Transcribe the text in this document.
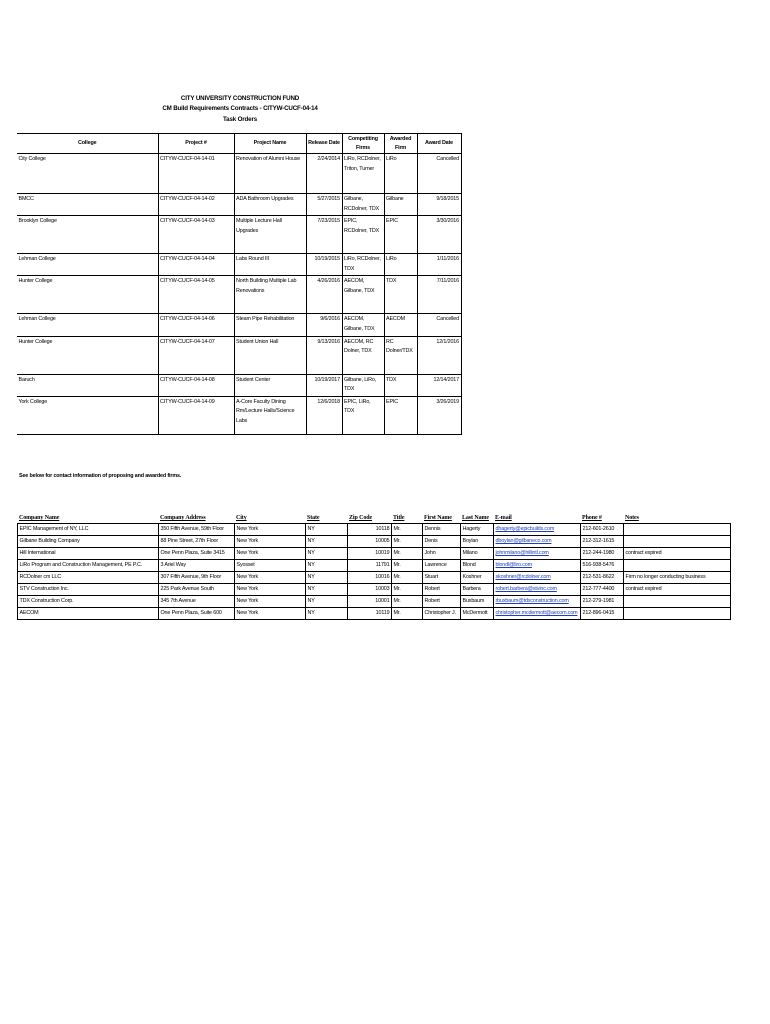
CITY UNIVERSITY CONSTRUCTION FUND
CM Build Requirements Contracts - CITYW-CUCF-04-14
Task Orders
College	Project #	Project Name	Release Date	Competiting Firms	Awarded Firm	Award Date
City College	CITYW-CUCF-04-14-01	Renovation of Alumni House	2/24/2014	LiRo, RCDolner, Triton, Turner	LiRo	Cancelled
BMCC	CITYW-CUCF-04-14-02	ADA Bathroom Upgrades	5/27/2015	Gilbane, RCDolner, TDX	Gilbane	9/18/2015
Brooklyn College	CITYW-CUCF-04-14-03	Multiple Lecture Hall Upgrades	7/23/2015	EPIC, RCDolner, TDX	EPIC	3/30/2016
Lehman College	CITYW-CUCF-04-14-04	Labs Round III	10/19/2015	LiRo, RCDolner, TDX	LiRo	1/11/2016
Hunter College	CITYW-CUCF-04-14-05	North Building Multiple Lab Renovations	4/26/2016	AECOM, Gilbane, TDX	TDX	7/11/2016
Lehman College	CITYW-CUCF-04-14-06	Steam Pipe Rehabilitation	9/6/2016	AECOM, Gilbane, TDX	AECOM	Cancelled
Hunter College	CITYW-CUCF-04-14-07	Student Union Hall	9/13/2016	AECOM, RC Dolner, TDX	RC Dolner/TDX	12/1/2016
Baruch	CITYW-CUCF-04-14-08	Student Center	10/19/2017	Gilbane, LiRo, TDX	TDX	12/14/2017
York College	CITYW-CUCF-04-14-09	A-Core Faculty Dining Rm/Lecture Halls/Science Labs	12/6/2018	EPIC, LiRo, TDX	EPIC	3/26/2019
See below for contact information of proposing and awarded firms.
Company Name	Company Address	City	State	Zip Code	Title	First Name	Last Name	E-mail	Phone #	Notes
EPIC Management of NY, LLC	350 Fifth Avenue, 59th Floor	New York	NY	10118	Mr.	Dennis	Hagerty	dhagerty@epicbuilds.com	212-601-2610	
Gilbane Building Company	88 Pine Street, 27th Floor	New York	NY	10005	Mr.	Denis	Boylan	dboylan@gilbaneco.com	212-312-1615	
Hill International	One Penn Plaza, Suite 3415	New York	NY	10019	Mr.	John	Milano	johnmilano@hillintl.com	212-244-1980	contract expired
LiRo Program and Construction Management, PE P.C.	3 Ariel Way	Syosset	NY	11791	Mr.	Lawrence	Blond	blondl@liro.com	516-938-5476	
RCDolner cm LLC	307 Fifth Avenue, 9th Floor	New York	NY	10016	Mr.	Stuart	Koshner	skoshner@rcdolner.com	212-531-8622	Firm no longer conducting business
STV Construction Inc.	225 Park Avenue South	New York	NY	10003	Mr.	Robert	Barbera	robert.barbera@stvinc.com	212-777-4400	contract expired
TDX Construction Corp.	345 7th Avenue	New York	NY	10001	Mr.	Robert	Buxbaum	rbuxbaum@tdxconstruction.com	212-279-1981	
AECOM	One Penn Plaza, Suite 600	New York	NY	10119	Mr.	Christopher J.	McDermott	christopher.mcdermott@aecom.com	212-896-0415	
